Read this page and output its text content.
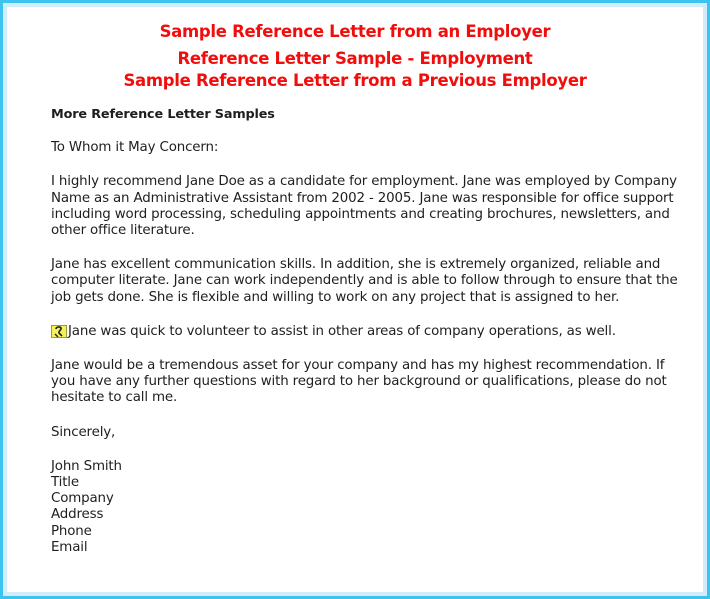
Sample Reference Letter from an Employer
Reference Letter Sample - Employment
Sample Reference Letter from a Previous Employer
More Reference Letter Samples

To Whom it May Concern:

I highly recommend Jane Doe as a candidate for employment. Jane was employed by Company Name as an Administrative Assistant from 2002 - 2005. Jane was responsible for office support including word processing, scheduling appointments and creating brochures, newsletters, and other office literature.

Jane has excellent communication skills. In addition, she is extremely organized, reliable and computer literate. Jane can work independently and is able to follow through to ensure that the job gets done. She is flexible and willing to work on any project that is assigned to her.

Jane was quick to volunteer to assist in other areas of company operations, as well.

Jane would be a tremendous asset for your company and has my highest recommendation. If you have any further questions with regard to her background or qualifications, please do not hesitate to call me.

Sincerely,

John Smith
Title
Company
Address
Phone
Email
